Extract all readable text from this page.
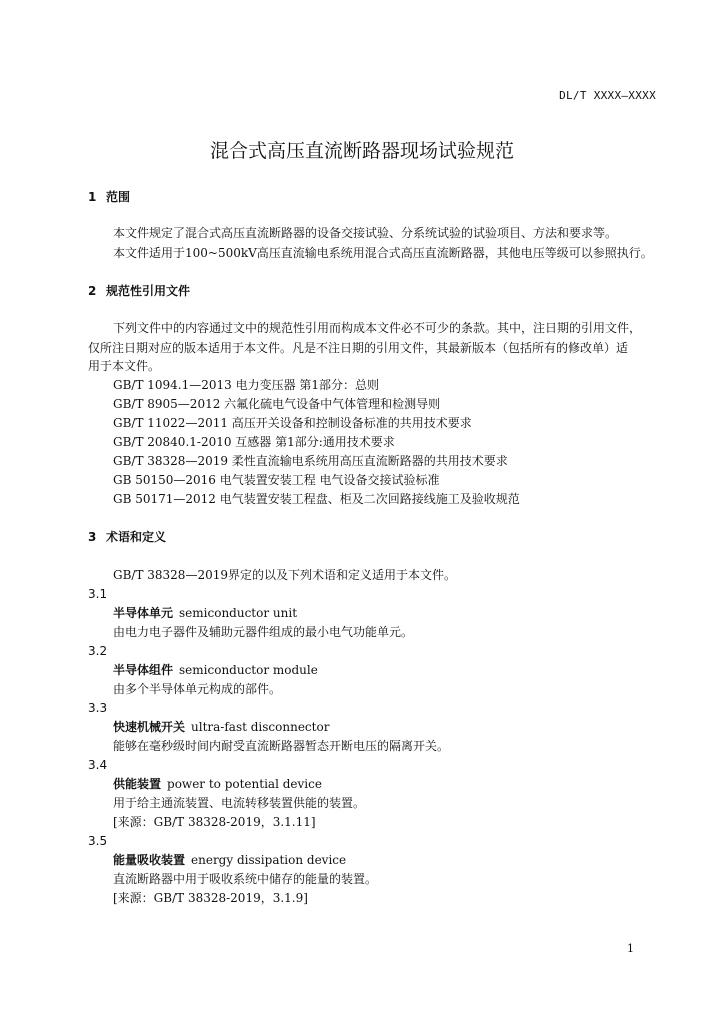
DL/T XXXX—XXXX
混合式高压直流断路器现场试验规范
1 范围
本文件规定了混合式高压直流断路器的设备交接试验、分系统试验的试验项目、方法和要求等。
本文件适用于100~500kV高压直流输电系统用混合式高压直流断路器，其他电压等级可以参照执行。
2 规范性引用文件
下列文件中的内容通过文中的规范性引用而构成本文件必不可少的条款。其中，注日期的引用文件，
仅所注日期对应的版本适用于本文件。凡是不注日期的引用文件，其最新版本（包括所有的修改单）适
用于本文件。
GB/T 1094.1—2013 电力变压器 第1部分：总则
GB/T 8905—2012 六氟化硫电气设备中气体管理和检测导则
GB/T 11022—2011 高压开关设备和控制设备标准的共用技术要求
GB/T 20840.1-2010 互感器 第1部分:通用技术要求
GB/T 38328—2019 柔性直流输电系统用高压直流断路器的共用技术要求
GB 50150—2016 电气装置安装工程 电气设备交接试验标准
GB 50171—2012 电气装置安装工程盘、柜及二次回路接线施工及验收规范
3 术语和定义
GB/T 38328—2019界定的以及下列术语和定义适用于本文件。
3.1
半导体单元 semiconductor unit
由电力电子器件及辅助元器件组成的最小电气功能单元。
3.2
半导体组件 semiconductor module
由多个半导体单元构成的部件。
3.3
快速机械开关 ultra-fast disconnector
能够在毫秒级时间内耐受直流断路器暂态开断电压的隔离开关。
3.4
供能装置 power to potential device
用于给主通流装置、电流转移装置供能的装置。
[来源：GB/T 38328-2019，3.1.11]
3.5
能量吸收装置 energy dissipation device
直流断路器中用于吸收系统中储存的能量的装置。
[来源：GB/T 38328-2019，3.1.9]
1
